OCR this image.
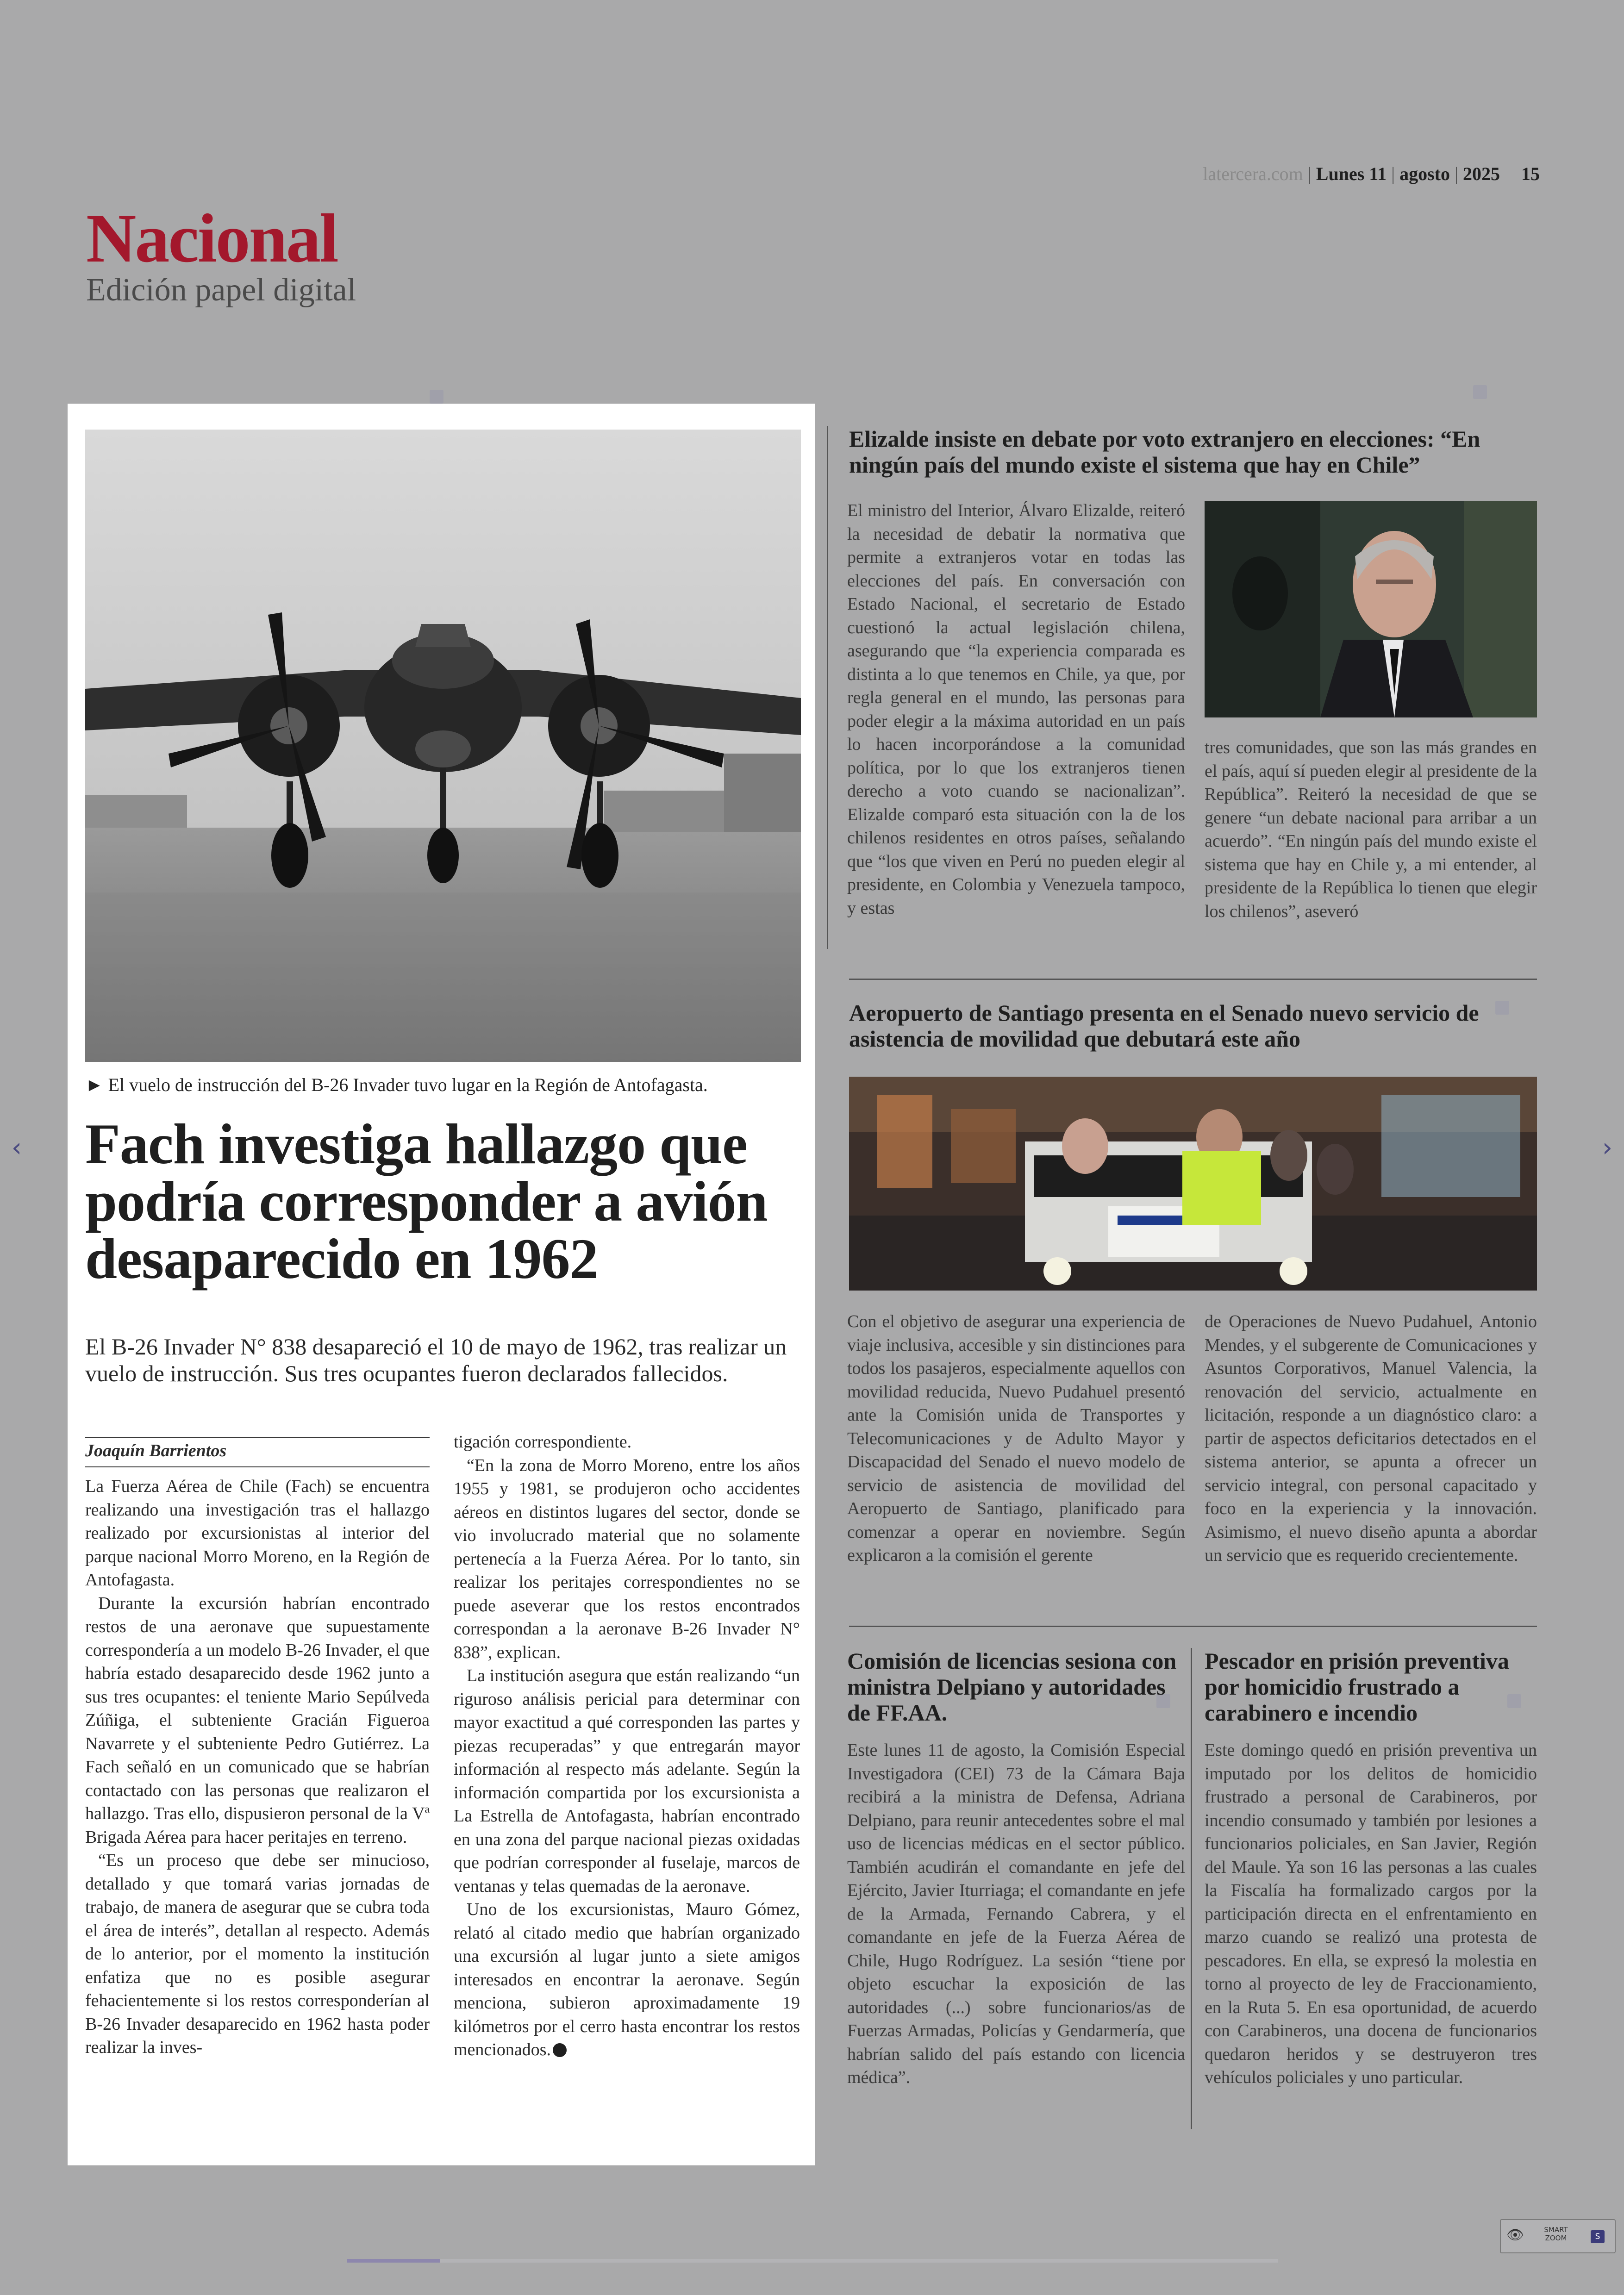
latercera.com | Lunes 11 | agosto | 2025 15
Nacional
Edición papel digital
► El vuelo de instrucción del B-26 Invader tuvo lugar en la Región de Antofagasta.
Fach investiga hallazgo que podría corresponder a avión desaparecido en 1962
El B-26 Invader N° 838 desapareció el 10 de mayo de 1962, tras realizar un vuelo de instrucción. Sus tres ocupantes fueron declarados fallecidos.
Joaquín Barrientos

La Fuerza Aérea de Chile (Fach) se encuentra realizando una investigación tras el hallazgo realizado por excursionistas al interior del parque nacional Morro Moreno, en la Región de Antofagasta.

Durante la excursión habrían encontrado restos de una aeronave que supuestamente correspondería a un modelo B-26 Invader, el que habría estado desaparecido desde 1962 junto a sus tres ocupantes: el teniente Mario Sepúlveda Zúñiga, el subteniente Gracián Figueroa Navarrete y el subteniente Pedro Gutiérrez. La Fach señaló en un comunicado que se habrían contactado con las personas que realizaron el hallazgo. Tras ello, dispusieron personal de la Vª Brigada Aérea para hacer peritajes en terreno.

“Es un proceso que debe ser minucioso, detallado y que tomará varias jornadas de trabajo, de manera de asegurar que se cubra toda el área de interés”, detallan al respecto. Además de lo anterior, por el momento la institución enfatiza que no es posible asegurar fehacientemente si los restos corresponderían al B-26 Invader desaparecido en 1962 hasta poder realizar la inves-

tigación correspondiente.

“En la zona de Morro Moreno, entre los años 1955 y 1981, se produjeron ocho accidentes aéreos en distintos lugares del sector, donde se vio involucrado material que no solamente pertenecía a la Fuerza Aérea. Por lo tanto, sin realizar los peritajes correspondientes no se puede aseverar que los restos encontrados correspondan a la aeronave B-26 Invader N° 838”, explican.

La institución asegura que están realizando “un riguroso análisis pericial para determinar con mayor exactitud a qué corresponden las partes y piezas recuperadas” y que entregarán mayor información al respecto más adelante. Según la información compartida por los excursionista a La Estrella de Antofagasta, habrían encontrado en una zona del parque nacional piezas oxidadas que podrían corresponder al fuselaje, marcos de ventanas y telas quemadas de la aeronave.

Uno de los excursionistas, Mauro Gómez, relató al citado medio que habrían organizado una excursión al lugar junto a siete amigos interesados en encontrar la aeronave. Según menciona, subieron aproximadamente 19 kilómetros por el cerro hasta encontrar los restos mencionados.

Elizalde insiste en debate por voto extranjero en elecciones: “En ningún país del mundo existe el sistema que hay en Chile”

El ministro del Interior, Álvaro Elizalde, reiteró la necesidad de debatir la normativa que permite a extranjeros votar en todas las elecciones del país. En conversación con Estado Nacional, el secretario de Estado cuestionó la actual legislación chilena, asegurando que “la experiencia comparada es distinta a lo que tenemos en Chile, ya que, por regla general en el mundo, las personas para poder elegir a la máxima autoridad en un país lo hacen incorporándose a la comunidad política, por lo que los extranjeros tienen derecho a voto cuando se nacionalizan”. Elizalde comparó esta situación con la de los chilenos residentes en otros países, señalando que “los que viven en Perú no pueden elegir al presidente, en Colombia y Venezuela tampoco, y estas

tres comunidades, que son las más grandes en el país, aquí sí pueden elegir al presidente de la República”. Reiteró la necesidad de que se genere “un debate nacional para arribar a un acuerdo”. “En ningún país del mundo existe el sistema que hay en Chile y, a mi entender, al presidente de la República lo tienen que elegir los chilenos”, aseveró

Aeropuerto de Santiago presenta en el Senado nuevo servicio de asistencia de movilidad que debutará este año

Con el objetivo de asegurar una experiencia de viaje inclusiva, accesible y sin distinciones para todos los pasajeros, especialmente aquellos con movilidad reducida, Nuevo Pudahuel presentó ante la Comisión unida de Transportes y Telecomunicaciones y de Adulto Mayor y Discapacidad del Senado el nuevo modelo de servicio de asistencia de movilidad del Aeropuerto de Santiago, planificado para comenzar a operar en noviembre. Según explicaron a la comisión el gerente

de Operaciones de Nuevo Pudahuel, Antonio Mendes, y el subgerente de Comunicaciones y Asuntos Corporativos, Manuel Valencia, la renovación del servicio, actualmente en licitación, responde a un diagnóstico claro: a partir de aspectos deficitarios detectados en el sistema anterior, se apunta a ofrecer un servicio integral, con personal capacitado y foco en la experiencia y la innovación. Asimismo, el nuevo diseño apunta a abordar un servicio que es requerido crecientemente.

Comisión de licencias sesiona con ministra Delpiano y autoridades de FF.AA.

Este lunes 11 de agosto, la Comisión Especial Investigadora (CEI) 73 de la Cámara Baja recibirá a la ministra de Defensa, Adriana Delpiano, para reunir antecedentes sobre el mal uso de licencias médicas en el sector público. También acudirán el comandante en jefe del Ejército, Javier Iturriaga; el comandante en jefe de la Armada, Fernando Cabrera, y el comandante en jefe de la Fuerza Aérea de Chile, Hugo Rodríguez. La sesión “tiene por objeto escuchar la exposición de las autoridades (...) sobre funcionarios/as de Fuerzas Armadas, Policías y Gendarmería, que habrían salido del país estando con licencia médica”.

Pescador en prisión preventiva por homicidio frustrado a carabinero e incendio

Este domingo quedó en prisión preventiva un imputado por los delitos de homicidio frustrado a personal de Carabineros, por incendio consumado y también por lesiones a funcionarios policiales, en San Javier, Región del Maule. Ya son 16 las personas a las cuales la Fiscalía ha formalizado cargos por la participación directa en el enfrentamiento en marzo cuando se realizó una protesta de pescadores. En ella, se expresó la molestia en torno al proyecto de ley de Fraccionamiento, en la Ruta 5. En esa oportunidad, de acuerdo con Carabineros, una docena de funcionarios quedaron heridos y se destruyeron tres vehículos policiales y uno particular.

‹	›
👁	SMART ZOOM	S
